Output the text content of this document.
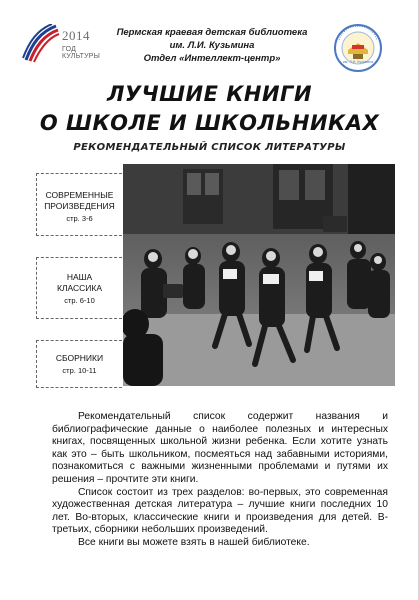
2014
ГОД КУЛЬТУРЫ
Пермская краевая детская библиотека
им. Л.И. Кузьмина
Отдел «Интеллект-центр»	им. Л.И. Кузьмина
ЛУЧШИЕ КНИГИ
О ШКОЛЕ И ШКОЛЬНИКАХ
РЕКОМЕНДАТЕЛЬНЫЙ СПИСОК ЛИТЕРАТУРЫ
СОВРЕМЕННЫЕ
ПРОИЗВЕДЕНИЯ
стр. 3-6
НАША
КЛАССИКА
стр. 6-10
СБОРНИКИ
стр. 10-11

Рекомендательный список содержит названия и библиографические данные о наиболее полезных и интересных книгах, посвященных школьной жизни ребенка. Если хотите узнать как это – быть школьником, посмеяться над забавными историями, познакомиться с важными жизненными проблемами и путями их решения – прочтите эти книги.

Список состоит из трех разделов: во-первых, это современная художественная детская литература – лучшие книги последних 10 лет. Во-вторых, классические книги и произведения для детей. В-третьих, сборники небольших произведений.

Все книги вы можете взять в нашей библиотеке.
